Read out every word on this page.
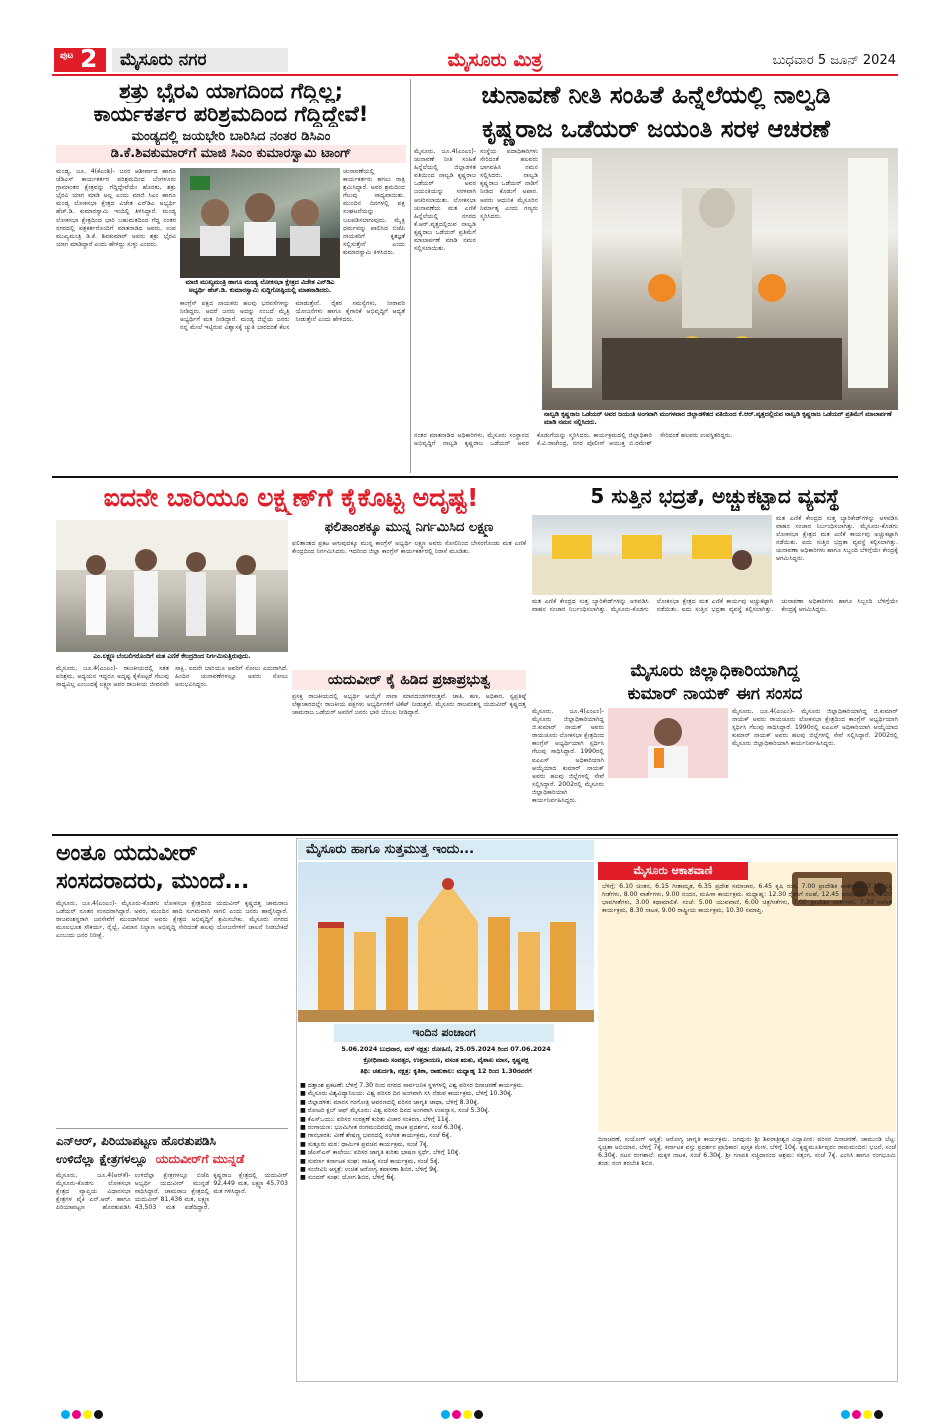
ಪುಟ 2	ಮೈಸೂರು ನಗರ	ಮೈಸೂರು ಮಿತ್ರ	ಬುಧವಾರ 5 ಜೂನ್ 2024
ಶತ್ರು ಭೈರವಿ ಯಾಗದಿಂದ ಗೆದ್ದಿಲ್ಲ;
ಕಾರ್ಯಕರ್ತರ ಪರಿಶ್ರಮದಿಂದ ಗೆದ್ದಿದ್ದೇವೆ!
ಮಂಡ್ಯದಲ್ಲಿ ಜಯಭೇರಿ ಬಾರಿಸಿದ ನಂತರ ಡಿಸಿಎಂ
ಡಿ.ಕೆ.ಶಿವಕುಮಾರ್‌ಗೆ ಮಾಜಿ ಸಿಎಂ ಕುಮಾರಸ್ವಾಮಿ ಟಾಂಗ್
ಮಂಡ್ಯ, ಜೂ. 4(ಕೆಎಂಶಿ)- ಜನರ ಆಶೀರ್ವಾದ ಹಾಗೂ ಜೆಡಿಎಸ್ ಕಾರ್ಯಕರ್ತರ ಪರಿಶ್ರಮದಿಂದ ಬೆಂಗಳೂರು ಗ್ರಾಮಾಂತರ ಕ್ಷೇತ್ರವನ್ನು ಗೆದ್ದಿದ್ದೇವೆಯೇ ಹೊರತು, ಶತ್ರು ಭೈರವಿ ಯಾಗ ಮಾಡಿ ಅಲ್ಲ ಎಂದು ಮಾಜಿ ಸಿಎಂ ಹಾಗೂ ಮಂಡ್ಯ ಲೋಕಸಭಾ ಕ್ಷೇತ್ರದ ವಿಜೇತ ಎನ್‌ಡಿಎ ಅಭ್ಯರ್ಥಿ ಹೆಚ್.ಡಿ. ಕುಮಾರಸ್ವಾಮಿ ಇಂದಿಲ್ಲಿ ತಿಳಿಸಿದ್ದಾರೆ. ಮಂಡ್ಯ ಲೋಕಸಭಾ ಕ್ಷೇತ್ರದಿಂದ ಭಾರಿ ಬಹುಮತದಿಂದ ಗೆದ್ದ ನಂತರ ನಗರದಲ್ಲಿ ಪತ್ರಕರ್ತರೊಂದಿಗೆ ಮಾತನಾಡಿದ ಅವರು, ಉಪ ಮುಖ್ಯಮಂತ್ರಿ ಡಿ.ಕೆ. ಶಿವಕುಮಾರ್ ಅವರು ಶತ್ರು ಭೈರವಿ ಯಾಗ ಮಾಡಿದ್ದಾರೆ ಎಂದು ಹೇಳಿದ್ದು ಸುಳ್ಳು ಎಂದರು.
ಮಾಜಿ ಮುಖ್ಯಮಂತ್ರಿ ಹಾಗೂ ಮಂಡ್ಯ ಲೋಕಸಭಾ ಕ್ಷೇತ್ರದ ವಿಜೇತ ಎನ್‌ಡಿಎ ಅಭ್ಯರ್ಥಿ ಹೆಚ್.ಡಿ. ಕುಮಾರಸ್ವಾಮಿ ಸುದ್ದಿಗೋಷ್ಠಿಯಲ್ಲಿ ಮಾತನಾಡಿದರು.
ಚುನಾವಣೆಯಲ್ಲಿ ಕಾರ್ಯಕರ್ತರು ಹಗಲು ರಾತ್ರಿ ಶ್ರಮಿಸಿದ್ದಾರೆ. ಅವರ ಶ್ರಮದಿಂದ ಗೆಲುವು ಸಾಧ್ಯವಾಯಿತು. ಮುಂದಿನ ದಿನಗಳಲ್ಲಿ ಪಕ್ಷ ಸಂಘಟನೆಯನ್ನು ಬಲಪಡಿಸಲಾಗುವುದು. ಮೈತ್ರಿ ಧರ್ಮವನ್ನು ಪಾಲಿಸಿದ ಬಿಜೆಪಿ ನಾಯಕರಿಗೆ ಕೃತಜ್ಞತೆ ಸಲ್ಲಿಸುತ್ತೇನೆ ಎಂದು ಕುಮಾರಸ್ವಾಮಿ ತಿಳಿಸಿದರು.
ಕಾಂಗ್ರೆಸ್ ಪಕ್ಷದ ನಾಯಕರು ಹಲವು ಭರವಸೆಗಳನ್ನು ನೀಡಿದ್ದರು. ಆದರೆ ಜನರು ಅದನ್ನು ನಂಬದೆ ಮೈತ್ರಿ ಅಭ್ಯರ್ಥಿಗೆ ಮತ ನೀಡಿದ್ದಾರೆ. ಮಂಡ್ಯ ಜಿಲ್ಲೆಯ ಜನರು ನನ್ನ ಮೇಲೆ ಇಟ್ಟಿರುವ ವಿಶ್ವಾಸಕ್ಕೆ ಚ್ಯುತಿ ಬಾರದಂತೆ ಕೆಲಸ ಮಾಡುತ್ತೇನೆ. ರೈತರ ಸಮಸ್ಯೆಗಳು, ನೀರಾವರಿ ಯೋಜನೆಗಳು ಹಾಗೂ ಕೈಗಾರಿಕೆ ಅಭಿವೃದ್ಧಿಗೆ ಆದ್ಯತೆ ನೀಡುತ್ತೇನೆ ಎಂದು ಹೇಳಿದರು.
ಚುನಾವಣೆ ನೀತಿ ಸಂಹಿತೆ ಹಿನ್ನೆಲೆಯಲ್ಲಿ ನಾಲ್ವಡಿ
ಕೃಷ್ಣರಾಜ ಒಡೆಯರ್ ಜಯಂತಿ ಸರಳ ಆಚರಣೆ
ಮೈಸೂರು, ಜೂ.4(ಎಂಎಂ)- ಚುನಾವಣೆ ನೀತಿ ಸಂಹಿತೆ ಹಿನ್ನೆಲೆಯಲ್ಲಿ ಜಿಲ್ಲಾಡಳಿತ ವತಿಯಿಂದ ನಾಲ್ವಡಿ ಕೃಷ್ಣರಾಜ ಒಡೆಯರ್ ಅವರ ಜಯಂತಿಯನ್ನು ಸರಳವಾಗಿ ಆಚರಿಸಲಾಯಿತು. ಲೋಕಸಭಾ ಚುನಾವಣೆಯ ಮತ ಎಣಿಕೆ ಹಿನ್ನೆಲೆಯಲ್ಲಿ ನಗರದ ಕೆ.ಆರ್.ವೃತ್ತದಲ್ಲಿರುವ ನಾಲ್ವಡಿ ಕೃಷ್ಣರಾಜ ಒಡೆಯರ್ ಪ್ರತಿಮೆಗೆ ಮಾಲಾರ್ಪಣೆ ಮಾಡಿ ನಮನ ಸಲ್ಲಿಸಲಾಯಿತು.
ಸಂಸ್ಥೆಯ ಪದಾಧಿಕಾರಿಗಳು ಸೇರಿದಂತೆ ಹಲವರು ಭಾಗವಹಿಸಿ ನಮನ ಸಲ್ಲಿಸಿದರು. ನಾಲ್ವಡಿ ಕೃಷ್ಣರಾಜ ಒಡೆಯರ್ ನಾಡಿಗೆ ನೀಡಿದ ಕೊಡುಗೆ ಅಪಾರ. ಅವರು ಆಧುನಿಕ ಮೈಸೂರಿನ ನಿರ್ಮಾತೃ ಎಂದು ಗಣ್ಯರು ಸ್ಮರಿಸಿದರು.
ನಾಲ್ವಡಿ ಕೃಷ್ಣರಾಜ ಒಡೆಯರ್ ಅವರ ಜಯಂತಿ ಅಂಗವಾಗಿ ಮಂಗಳವಾರ ಜಿಲ್ಲಾಡಳಿತದ ವತಿಯಿಂದ ಕೆ.ಆರ್.ವೃತ್ತದಲ್ಲಿರುವ ನಾಲ್ವಡಿ ಕೃಷ್ಣರಾಜ ಒಡೆಯರ್ ಪ್ರತಿಮೆಗೆ ಮಾಲಾರ್ಪಣೆ ಮಾಡಿ ನಮನ ಸಲ್ಲಿಸಿದರು.
ನಂತರ ಮಾತನಾಡಿದ ಅಧಿಕಾರಿಗಳು, ಮೈಸೂರು ಸಂಸ್ಥಾನದ ಅಭಿವೃದ್ಧಿಗೆ ನಾಲ್ವಡಿ ಕೃಷ್ಣರಾಜ ಒಡೆಯರ್ ಅವರ ಕೊಡುಗೆಯನ್ನು ಸ್ಮರಿಸಿದರು. ಕಾರ್ಯಕ್ರಮದಲ್ಲಿ ಜಿಲ್ಲಾಧಿಕಾರಿ ಕೆ.ವಿ.ರಾಜೇಂದ್ರ, ನಗರ ಪೊಲೀಸ್ ಆಯುಕ್ತ ಬಿ.ರಮೇಶ್ ಸೇರಿದಂತೆ ಹಲವರು ಉಪಸ್ಥಿತರಿದ್ದರು.
ಐದನೇ ಬಾರಿಯೂ ಲಕ್ಷ್ಮಣ್‌ಗೆ ಕೈಕೊಟ್ಟ ಅದೃಷ್ಟ!
ಎಂ.ಲಕ್ಷ್ಮಣ ಬೆಂಬಲಿಗರೊಂದಿಗೆ ಮತ ಎಣಿಕೆ ಕೇಂದ್ರದಿಂದ ನಿರ್ಗಮಿಸುತ್ತಿರುವುದು.
ಫಲಿತಾಂಶಕ್ಕೂ ಮುನ್ನ ನಿರ್ಗಮಿಸಿದ ಲಕ್ಷ್ಮಣ
ಫಲಿತಾಂಶದ ಪ್ರಕಟ ಆಗುವುದಕ್ಕೂ ಮುನ್ನ ಕಾಂಗ್ರೆಸ್ ಅಭ್ಯರ್ಥಿ ಲಕ್ಷ್ಮಣ ಅವರು ಸೋಲಿನಿಂದ ಬೇಸರಗೊಂಡು ಮತ ಎಣಿಕೆ ಕೇಂದ್ರದಿಂದ ನಿರ್ಗಮಿಸಿದರು. ಇದರಿಂದ ಜಿಲ್ಲಾ ಕಾಂಗ್ರೆಸ್ ಕಾರ್ಯಕರ್ತರಲ್ಲಿ ನಿರಾಸೆ ಮೂಡಿತು.
ಮೈಸೂರು, ಜೂ.4(ಎಂಎಂ)- ರಾಜಕೀಯದಲ್ಲಿ ಸತತ ಪರಿಶ್ರಮ, ಅಧ್ಯಯನ ಇದ್ದರೂ ಅದೃಷ್ಟ ಕೈಕೊಟ್ಟರೆ ಗೆಲುವು ಸಾಧ್ಯವಿಲ್ಲ ಎಂಬುದಕ್ಕೆ ಲಕ್ಷ್ಮಣ ಅವರ ರಾಜಕೀಯ ಜೀವನವೇ ಸಾಕ್ಷಿ. ಐದನೇ ಬಾರಿಯೂ ಅವರಿಗೆ ಸೋಲು ಎದುರಾಗಿದೆ. ಹಿಂದಿನ ಚುನಾವಣೆಗಳಲ್ಲೂ ಅವರು ಸೋಲು ಅನುಭವಿಸಿದ್ದರು.	ಯದುವೀರ್‌ ಕೈ ಹಿಡಿದ ಪ್ರಜಾಪ್ರಭುತ್ವ
ಪ್ರಸಕ್ತ ರಾಜಕೀಯದಲ್ಲಿ ಅಭ್ಯರ್ಥಿ ಆಯ್ಕೆಗೆ ನಾನಾ ಮಾನದಂಡಗಳಿರುತ್ತವೆ. ಜಾತಿ, ಹಣ, ಅಧಿಕಾರ, ಸ್ವಪ್ರತಿಷ್ಠೆ ಲೆಕ್ಕಾಚಾರದಲ್ಲೇ ರಾಜಕೀಯ ಪಕ್ಷಗಳು ಅಭ್ಯರ್ಥಿಗಳಿಗೆ ಟಿಕೆಟ್ ನೀಡುತ್ತವೆ. ಮೈಸೂರು ರಾಜವಂಶಸ್ಥ ಯದುವೀರ್ ಕೃಷ್ಣದತ್ತ ಚಾಮರಾಜ ಒಡೆಯರ್ ಅವರಿಗೆ ಜನರು ಭಾರಿ ಬೆಂಬಲ ನೀಡಿದ್ದಾರೆ.
5 ಸುತ್ತಿನ ಭದ್ರತೆ, ಅಚ್ಚುಕಟ್ಟಾದ ವ್ಯವಸ್ಥೆ
ಮತ ಎಣಿಕೆ ಕೇಂದ್ರದ ಸುತ್ತ ಬ್ಯಾರಿಕೇಡ್‌ಗಳನ್ನು ಅಳವಡಿಸಿ ವಾಹನ ಸಂಚಾರ ನಿರ್ಬಂಧಿಸಲಾಗಿತ್ತು. ಮೈಸೂರು-ಕೊಡಗು ಲೋಕಸಭಾ ಕ್ಷೇತ್ರದ ಮತ ಎಣಿಕೆ ಕಾರ್ಯವು ಅಚ್ಚುಕಟ್ಟಾಗಿ ನಡೆಯಿತು. ಐದು ಸುತ್ತಿನ ಭದ್ರತಾ ವ್ಯವಸ್ಥೆ ಕಲ್ಪಿಸಲಾಗಿತ್ತು. ಚುನಾವಣಾ ಅಧಿಕಾರಿಗಳು ಹಾಗೂ ಸಿಬ್ಬಂದಿ ಬೆಳಿಗ್ಗೆಯೇ ಕೇಂದ್ರಕ್ಕೆ ಆಗಮಿಸಿದ್ದರು.
ಮತ ಎಣಿಕೆ ಕೇಂದ್ರದ ಸುತ್ತ ಬ್ಯಾರಿಕೇಡ್‌ಗಳನ್ನು ಅಳವಡಿಸಿ ವಾಹನ ಸಂಚಾರ ನಿರ್ಬಂಧಿಸಲಾಗಿತ್ತು. ಮೈಸೂರು-ಕೊಡಗು ಲೋಕಸಭಾ ಕ್ಷೇತ್ರದ ಮತ ಎಣಿಕೆ ಕಾರ್ಯವು ಅಚ್ಚುಕಟ್ಟಾಗಿ ನಡೆಯಿತು. ಐದು ಸುತ್ತಿನ ಭದ್ರತಾ ವ್ಯವಸ್ಥೆ ಕಲ್ಪಿಸಲಾಗಿತ್ತು. ಚುನಾವಣಾ ಅಧಿಕಾರಿಗಳು ಹಾಗೂ ಸಿಬ್ಬಂದಿ ಬೆಳಿಗ್ಗೆಯೇ ಕೇಂದ್ರಕ್ಕೆ ಆಗಮಿಸಿದ್ದರು.
ಮೈಸೂರು ಜಿಲ್ಲಾಧಿಕಾರಿಯಾಗಿದ್ದ
ಕುಮಾರ್ ನಾಯಕ್ ಈಗ ಸಂಸದ
ಮೈಸೂರು, ಜೂ.4(ಎಂಎಂ)- ಮೈಸೂರು ಜಿಲ್ಲಾಧಿಕಾರಿಯಾಗಿದ್ದ ಜಿ.ಕುಮಾರ್ ನಾಯಕ್ ಅವರು ರಾಯಚೂರು ಲೋಕಸಭಾ ಕ್ಷೇತ್ರದಿಂದ ಕಾಂಗ್ರೆಸ್ ಅಭ್ಯರ್ಥಿಯಾಗಿ ಸ್ಪರ್ಧಿಸಿ ಗೆಲುವು ಸಾಧಿಸಿದ್ದಾರೆ. 1990ರಲ್ಲಿ ಐಎಎಸ್ ಅಧಿಕಾರಿಯಾಗಿ ಆಯ್ಕೆಯಾದ ಕುಮಾರ್ ನಾಯಕ್ ಅವರು ಹಲವು ಜಿಲ್ಲೆಗಳಲ್ಲಿ ಸೇವೆ ಸಲ್ಲಿಸಿದ್ದಾರೆ. 2002ರಲ್ಲಿ ಮೈಸೂರು ಜಿಲ್ಲಾಧಿಕಾರಿಯಾಗಿ ಕಾರ್ಯನಿರ್ವಹಿಸಿದ್ದರು.
ಮೈಸೂರು, ಜೂ.4(ಎಂಎಂ)- ಮೈಸೂರು ಜಿಲ್ಲಾಧಿಕಾರಿಯಾಗಿದ್ದ ಜಿ.ಕುಮಾರ್ ನಾಯಕ್ ಅವರು ರಾಯಚೂರು ಲೋಕಸಭಾ ಕ್ಷೇತ್ರದಿಂದ ಕಾಂಗ್ರೆಸ್ ಅಭ್ಯರ್ಥಿಯಾಗಿ ಸ್ಪರ್ಧಿಸಿ ಗೆಲುವು ಸಾಧಿಸಿದ್ದಾರೆ. 1990ರಲ್ಲಿ ಐಎಎಸ್ ಅಧಿಕಾರಿಯಾಗಿ ಆಯ್ಕೆಯಾದ ಕುಮಾರ್ ನಾಯಕ್ ಅವರು ಹಲವು ಜಿಲ್ಲೆಗಳಲ್ಲಿ ಸೇವೆ ಸಲ್ಲಿಸಿದ್ದಾರೆ. 2002ರಲ್ಲಿ ಮೈಸೂರು ಜಿಲ್ಲಾಧಿಕಾರಿಯಾಗಿ ಕಾರ್ಯನಿರ್ವಹಿಸಿದ್ದರು.
ಅಂತೂ ಯದುವೀರ್
ಸಂಸದರಾದರು, ಮುಂದೆ...
ಮೈಸೂರು, ಜೂ.4(ಎಂಎಂ)- ಮೈಸೂರು-ಕೊಡಗು ಲೋಕಸಭಾ ಕ್ಷೇತ್ರದಿಂದ ಯದುವೀರ್ ಕೃಷ್ಣದತ್ತ ಚಾಮರಾಜ ಒಡೆಯರ್ ನೂತನ ಸಂಸದರಾಗಿದ್ದಾರೆ. ಅವರ, ಮುಂದಿನ ಹಾದಿ ಸುಗಮವಾಗಿ ಸಾಗಲಿ ಎಂದು ಜನರು ಹಾರೈಸಿದ್ದಾರೆ. ರಾಜವಂಶಸ್ಥರಾಗಿ ಜನಸೇವೆಗೆ ಮುಂದಾಗಿರುವ ಅವರು ಕ್ಷೇತ್ರದ ಅಭಿವೃದ್ಧಿಗೆ ಶ್ರಮಿಸಬೇಕು. ಮೈಸೂರು ನಗರದ ಮೂಲಭೂತ ಸೌಕರ್ಯ, ರೈಲ್ವೆ, ವಿಮಾನ ನಿಲ್ದಾಣ ಅಭಿವೃದ್ಧಿ ಸೇರಿದಂತೆ ಹಲವು ಯೋಜನೆಗಳಿಗೆ ಚಾಲನೆ ನೀಡಬೇಕಿದೆ ಎಂಬುದು ಜನರ ನಿರೀಕ್ಷೆ.
ಎನ್‌ಆರ್, ಪಿರಿಯಾಪಟ್ಟಣ ಹೊರತುಪಡಿಸಿ
ಉಳಿದೆಲ್ಲಾ ಕ್ಷೇತ್ರಗಳಲ್ಲೂ ಯದುವೀರ್‌ಗೆ ಮುನ್ನಡೆ
ಮೈಸೂರು, ಜೂ.4(ಆರ್‌ಕೆ)- ಮೈಸೂರು-ಕೊಡಗು ಲೋಕಸಭಾ ಕ್ಷೇತ್ರದ ವ್ಯಾಪ್ತಿಯ ವಿಧಾನಸಭಾ ಕ್ಷೇತ್ರಗಳ ಪೈಕಿ ಎನ್.ಆರ್. ಹಾಗೂ ಪಿರಿಯಾಪಟ್ಟಣ ಹೊರತುಪಡಿಸಿ ಉಳಿದೆಲ್ಲಾ ಕ್ಷೇತ್ರಗಳಲ್ಲೂ ಬಿಜೆಪಿ ಅಭ್ಯರ್ಥಿ ಯದುವೀರ್ ಮುನ್ನಡೆ ಸಾಧಿಸಿದ್ದಾರೆ. ಚಾಮರಾಜ ಕ್ಷೇತ್ರದಲ್ಲಿ ಯದುವೀರ್ 81,436 ಮತ, ಲಕ್ಷ್ಮಣ 43,503 ಮತ ಪಡೆದಿದ್ದಾರೆ. ಕೃಷ್ಣರಾಜ ಕ್ಷೇತ್ರದಲ್ಲಿ ಯದುವೀರ್ 92,449 ಮತ, ಲಕ್ಷ್ಮಣ 45,703 ಮತ ಗಳಿಸಿದ್ದಾರೆ.
ಮೈಸೂರು ಹಾಗೂ ಸುತ್ತಮುತ್ತ ಇಂದು...
ಇಂದಿನ ಪಂಚಾಂಗ
5.06.2024 ಬುಧವಾರ, ಮಳೆ ನಕ್ಷತ್ರ: ರೋಹಿಣಿ, 25.05.2024 ರಿಂದ 07.06.2024
ಕ್ರೋಧಿನಾಮ ಸಂವತ್ಸರ, ಉತ್ತರಾಯಣ, ವಸಂತ ಋತು, ವೈಶಾಖ ಮಾಸ, ಕೃಷ್ಣಪಕ್ಷ
ತಿಥಿ: ಚತುರ್ದಶಿ, ನಕ್ಷತ್ರ: ಕೃತಿಕಾ, ರಾಹುಕಾಲ: ಮಧ್ಯಾಹ್ನ 12 ರಿಂದ 1.30ರವರೆಗೆ
■ ದತ್ತಾಂಶ ಪ್ರಕಟಣೆ: ಬೆಳಿಗ್ಗೆ 7.30 ರಿಂದ ನಗರದ ಸಾರ್ವಜನಿಕ ಸ್ಥಳಗಳಲ್ಲಿ ವಿಶ್ವ ಪರಿಸರ ದಿನಾಚರಣೆ ಕಾರ್ಯಕ್ರಮ.
■ ಮೈಸೂರು ವಿಶ್ವವಿದ್ಯಾನಿಲಯ: ವಿಶ್ವ ಪರಿಸರ ದಿನ ಅಂಗವಾಗಿ ಸಸಿ ನೆಡುವ ಕಾರ್ಯಕ್ರಮ, ಬೆಳಿಗ್ಗೆ 10.30ಕ್ಕೆ.
■ ಜಿಲ್ಲಾಡಳಿತ: ಮಾನಸ ಗಂಗೋತ್ರಿ ಆವರಣದಲ್ಲಿ ಪರಿಸರ ಜಾಗೃತಿ ಜಾಥಾ, ಬೆಳಿಗ್ಗೆ 8.30ಕ್ಕೆ.
■ ರೋಟರಿ ಕ್ಲಬ್ ಆಫ್ ಮೈಸೂರು: ವಿಶ್ವ ಪರಿಸರ ದಿನದ ಅಂಗವಾಗಿ ಉಪನ್ಯಾಸ, ಸಂಜೆ 5.30ಕ್ಕೆ.
■ ಕೆಎಸ್‌ಒಯು: ಪರಿಸರ ಸಂರಕ್ಷಣೆ ಕುರಿತು ವಿಚಾರ ಸಂಕಿರಣ, ಬೆಳಿಗ್ಗೆ 11ಕ್ಕೆ.
■ ರಂಗಾಯಣ: ಭೂಮಿಗೀತ ರಂಗಮಂದಿರದಲ್ಲಿ ನಾಟಕ ಪ್ರದರ್ಶನ, ಸಂಜೆ 6.30ಕ್ಕೆ.
■ ಗಾನಭಾರತಿ: ವೀಣೆ ಶೇಷಣ್ಣ ಭವನದಲ್ಲಿ ಸಂಗೀತ ಕಾರ್ಯಕ್ರಮ, ಸಂಜೆ 6ಕ್ಕೆ.
■ ಸುತ್ತೂರು ಮಠ: ಧಾರ್ಮಿಕ ಪ್ರವಚನ ಕಾರ್ಯಕ್ರಮ, ಸಂಜೆ 7ಕ್ಕೆ.
■ ಜೆಎಸ್‌ಎಸ್ ಕಾಲೇಜು: ಪರಿಸರ ಜಾಗೃತಿ ಕುರಿತು ಭಾಷಣ ಸ್ಪರ್ಧೆ, ಬೆಳಿಗ್ಗೆ 10ಕ್ಕೆ.
■ ಸುವರ್ಣ ಕರ್ನಾಟಕ ಸಂಘ: ಸಾಹಿತ್ಯ ಸಂಜೆ ಕಾರ್ಯಕ್ರಮ, ಸಂಜೆ 5ಕ್ಕೆ.
■ ಸಂಜೀವಿನಿ ಆಸ್ಪತ್ರೆ: ಉಚಿತ ಆರೋಗ್ಯ ತಪಾಸಣಾ ಶಿಬಿರ, ಬೆಳಿಗ್ಗೆ 9ಕ್ಕೆ.
■ ಸುಂದರ್ ಸಂಘ: ಯೋಗ ಶಿಬಿರ, ಬೆಳಿಗ್ಗೆ 6ಕ್ಕೆ.
ಮೈಸೂರು ಆಕಾಶವಾಣಿ
ಬೆಳಿಗ್ಗೆ: 6.10 ಚಿಂತನ, 6.15 ಗೀತಾಮೃತ, 6.35 ಪ್ರದೇಶ ಸಮಾಚಾರ, 6.45 ಕೃಷಿ ರಂಗ, 7.00 ಪ್ರಾದೇಶಿಕ ವಾರ್ತೆಗಳು, 7.15 ಭಕ್ತಿ ಗೀತೆಗಳು, 8.00 ವಾರ್ತೆಗಳು, 9.00 ನಂದನ, ಮಹಿಳಾ ಕಾರ್ಯಕ್ರಮ. ಮಧ್ಯಾಹ್ನ: 12.30 ರೈತರಿಗೆ ಸಲಹೆ, 12.45 ಜನಪದ ಸಂಗೀತ, 1.20 ಭಾವಗೀತೆಗಳು, 3.00 ಕಥಾಮಾಲಿಕೆ. ಸಂಜೆ: 5.00 ಯುವವಾಣಿ, 6.00 ಚಿತ್ರಗೀತೆಗಳು, 7.00 ಪ್ರಾದೇಶಿಕ ವಾರ್ತೆಗಳು, 7.30 ಸಂಗೀತ ಕಾರ್ಯಕ್ರಮ, 8.30 ನಾಟಕ, 9.00 ರಾಷ್ಟ್ರೀಯ ಕಾರ್ಯಕ್ರಮ, 10.30 ಸಮಾಪ್ತಿ.
ದಿನಾಚರಣೆ, ಸುಯೋಗ್ ಆಸ್ಪತ್ರೆ: ಆರೋಗ್ಯ ಜಾಗೃತಿ ಕಾರ್ಯಕ್ರಮ. ಜಗದ್ಗುರು ಶ್ರೀ ಶಿವರಾತ್ರೀಶ್ವರ ವಿದ್ಯಾಪೀಠ: ಪರಿಸರ ದಿನಾಚರಣೆ. ಚಾಮುಂಡಿ ಬೆಟ್ಟ: ಸ್ವಚ್ಛತಾ ಅಭಿಯಾನ, ಬೆಳಿಗ್ಗೆ 7ಕ್ಕೆ. ಕರ್ನಾಟಕ ವಸ್ತು ಪ್ರದರ್ಶನ ಪ್ರಾಧಿಕಾರ: ಪುಸ್ತಕ ಮೇಳ, ಬೆಳಿಗ್ಗೆ 10ಕ್ಕೆ. ಕೃಷ್ಣಮೂರ್ತಿಪುರಂ ರಾಮಮಂದಿರ: ಭಜನೆ, ಸಂಜೆ 6.30ಕ್ಕೆ. ನಟನ ರಂಗಶಾಲೆ: ಮಕ್ಕಳ ನಾಟಕ, ಸಂಜೆ 6.30ಕ್ಕೆ. ಶ್ರೀ ಗಣಪತಿ ಸಚ್ಚಿದಾನಂದ ಆಶ್ರಮ: ಸತ್ಸಂಗ, ಸಂಜೆ 7ಕ್ಕೆ. ಎಂಸಿಸಿ ಹಾಗೂ ರಂಗಭೂಮಿ ತಂಡ: ರಂಗ ತರಬೇತಿ ಶಿಬಿರ.
